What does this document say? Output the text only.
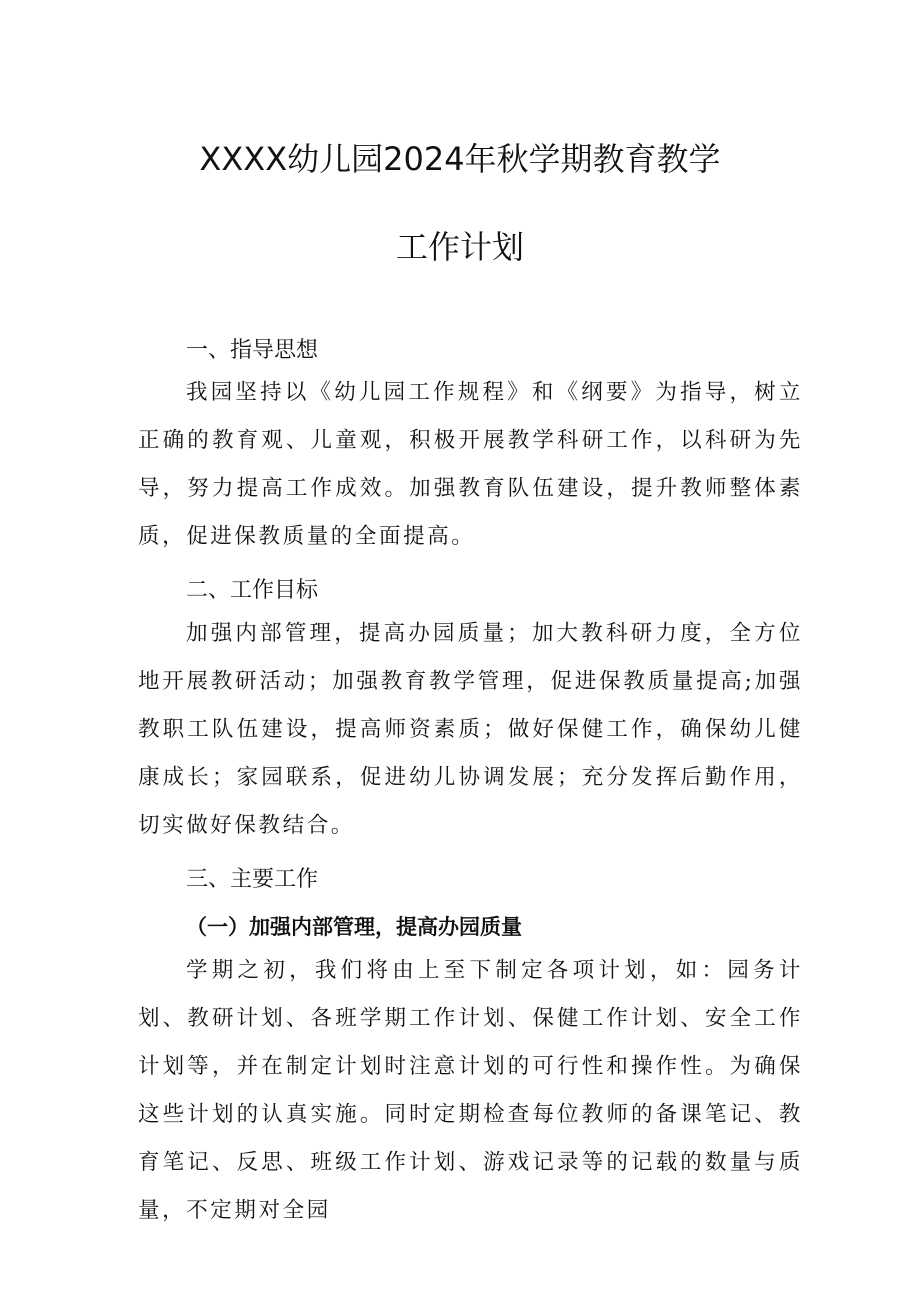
XXXX幼儿园2024年秋学期教育教学
工作计划
一、指导思想

我园坚持以《幼儿园工作规程》和《纲要》为指导，树立正确的教育观、儿童观，积极开展教学科研工作，以科研为先导，努力提高工作成效。加强教育队伍建设，提升教师整体素质，促进保教质量的全面提高。

二、工作目标

加强内部管理，提高办园质量；加大教科研力度，全方位地开展教研活动；加强教育教学管理，促进保教质量提高;加强教职工队伍建设，提高师资素质；做好保健工作，确保幼儿健康成长；家园联系，促进幼儿协调发展；充分发挥后勤作用，切实做好保教结合。

三、主要工作
（一）加强内部管理，提高办园质量

学期之初，我们将由上至下制定各项计划，如：园务计划、教研计划、各班学期工作计划、保健工作计划、安全工作计划等，并在制定计划时注意计划的可行性和操作性。为确保这些计划的认真实施。同时定期检查每位教师的备课笔记、教育笔记、反思、班级工作计划、游戏记录等的记载的数量与质量，不定期对全园
